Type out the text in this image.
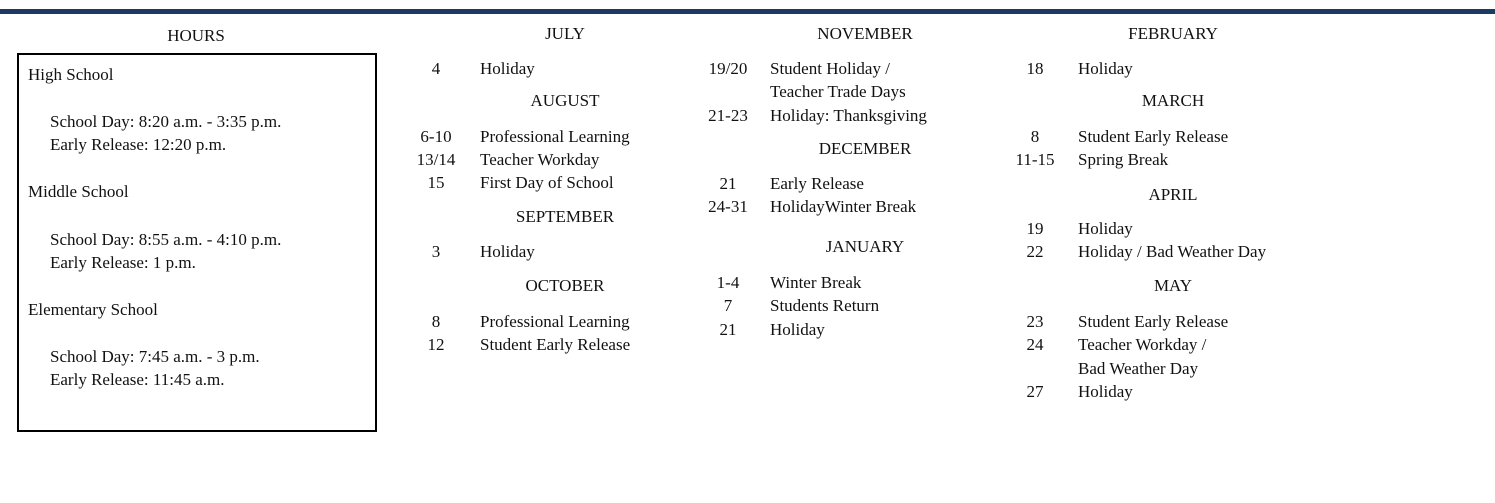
HOURS
High School
School Day: 8:20 a.m. - 3:35 p.m.
Early Release: 12:20 p.m.
Middle School
School Day: 8:55 a.m. - 4:10 p.m.
Early Release: 1 p.m.
Elementary School
School Day: 7:45 a.m. - 3 p.m.
Early Release: 11:45 a.m.
JULY
4	Holiday
AUGUST
6-10	Professional Learning
13/14	Teacher Workday
15	First Day of School
SEPTEMBER
3	Holiday
OCTOBER
8	Professional Learning
12	Student Early Release
NOVEMBER
19/20	Student Holiday /
Teacher Trade Days
21-23	Holiday: Thanksgiving
DECEMBER
21	Early Release
24-31	HolidayWinter Break
JANUARY
1-4	Winter Break
7	Students Return
21	Holiday
FEBRUARY
18	Holiday
MARCH
8	Student Early Release
11-15	Spring Break
APRIL
19	Holiday
22	Holiday / Bad Weather Day
MAY
23	Student Early Release
24	Teacher Workday /
Bad Weather Day
27	Holiday
